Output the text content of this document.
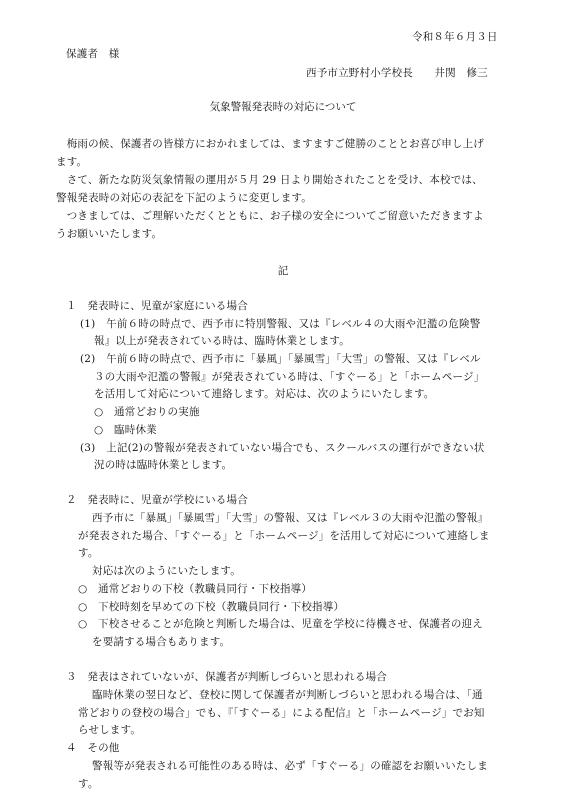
令和８年６月３日
保護者　様
西予市立野村小学校長　　井関　修三
気象警報発表時の対応について
　梅雨の候、保護者の皆様方におかれましては、ますますご健勝のこととお喜び申し上げ
ます。
　さて、新たな防災気象情報の運用が５月 29 日より開始されたことを受け、本校では、
警報発表時の対応の表記を下記のように変更します。
　つきましては、ご理解いただくとともに、お子様の安全についてご留意いただきますよ
うお願いいたします。
記
１　発表時に、児童が家庭にいる場合
(1)　午前６時の時点で、西予市に特別警報、又は『レベル４の大雨や氾濫の危険警
報』以上が発表されている時は、臨時休業とします。
(2)　午前６時の時点で、西予市に「暴風」「暴風雪」「大雪」の警報、又は『レベル
３の大雨や氾濫の警報』が発表されている時は、「すぐーる」と「ホームページ」
を活用して対応について連絡します。対応は、次のようにいたします。
○　通常どおりの実施
○　臨時休業
(3)　上記(2)の警報が発表されていない場合でも、スクールバスの運行ができない状
況の時は臨時休業とします。
２　発表時に、児童が学校にいる場合
西予市に「暴風」「暴風雪」「大雪」の警報、又は『レベル３の大雨や氾濫の警報』
が発表された場合、「すぐーる」と「ホームページ」を活用して対応について連絡しま
す。
対応は次のようにいたします。
○　通常どおりの下校（教職員同行・下校指導）
○　下校時刻を早めての下校（教職員同行・下校指導）
○　下校させることが危険と判断した場合は、児童を学校に待機させ、保護者の迎え
を要請する場合もあります。
３　発表はされていないが、保護者が判断しづらいと思われる場合
臨時休業の翌日など、登校に関して保護者が判断しづらいと思われる場合は、「通
常どおりの登校の場合」でも、『「すぐーる」による配信』と「ホームページ」でお知
らせします。
４　その他
警報等が発表される可能性のある時は、必ず「すぐーる」の確認をお願いいたしま
す。
